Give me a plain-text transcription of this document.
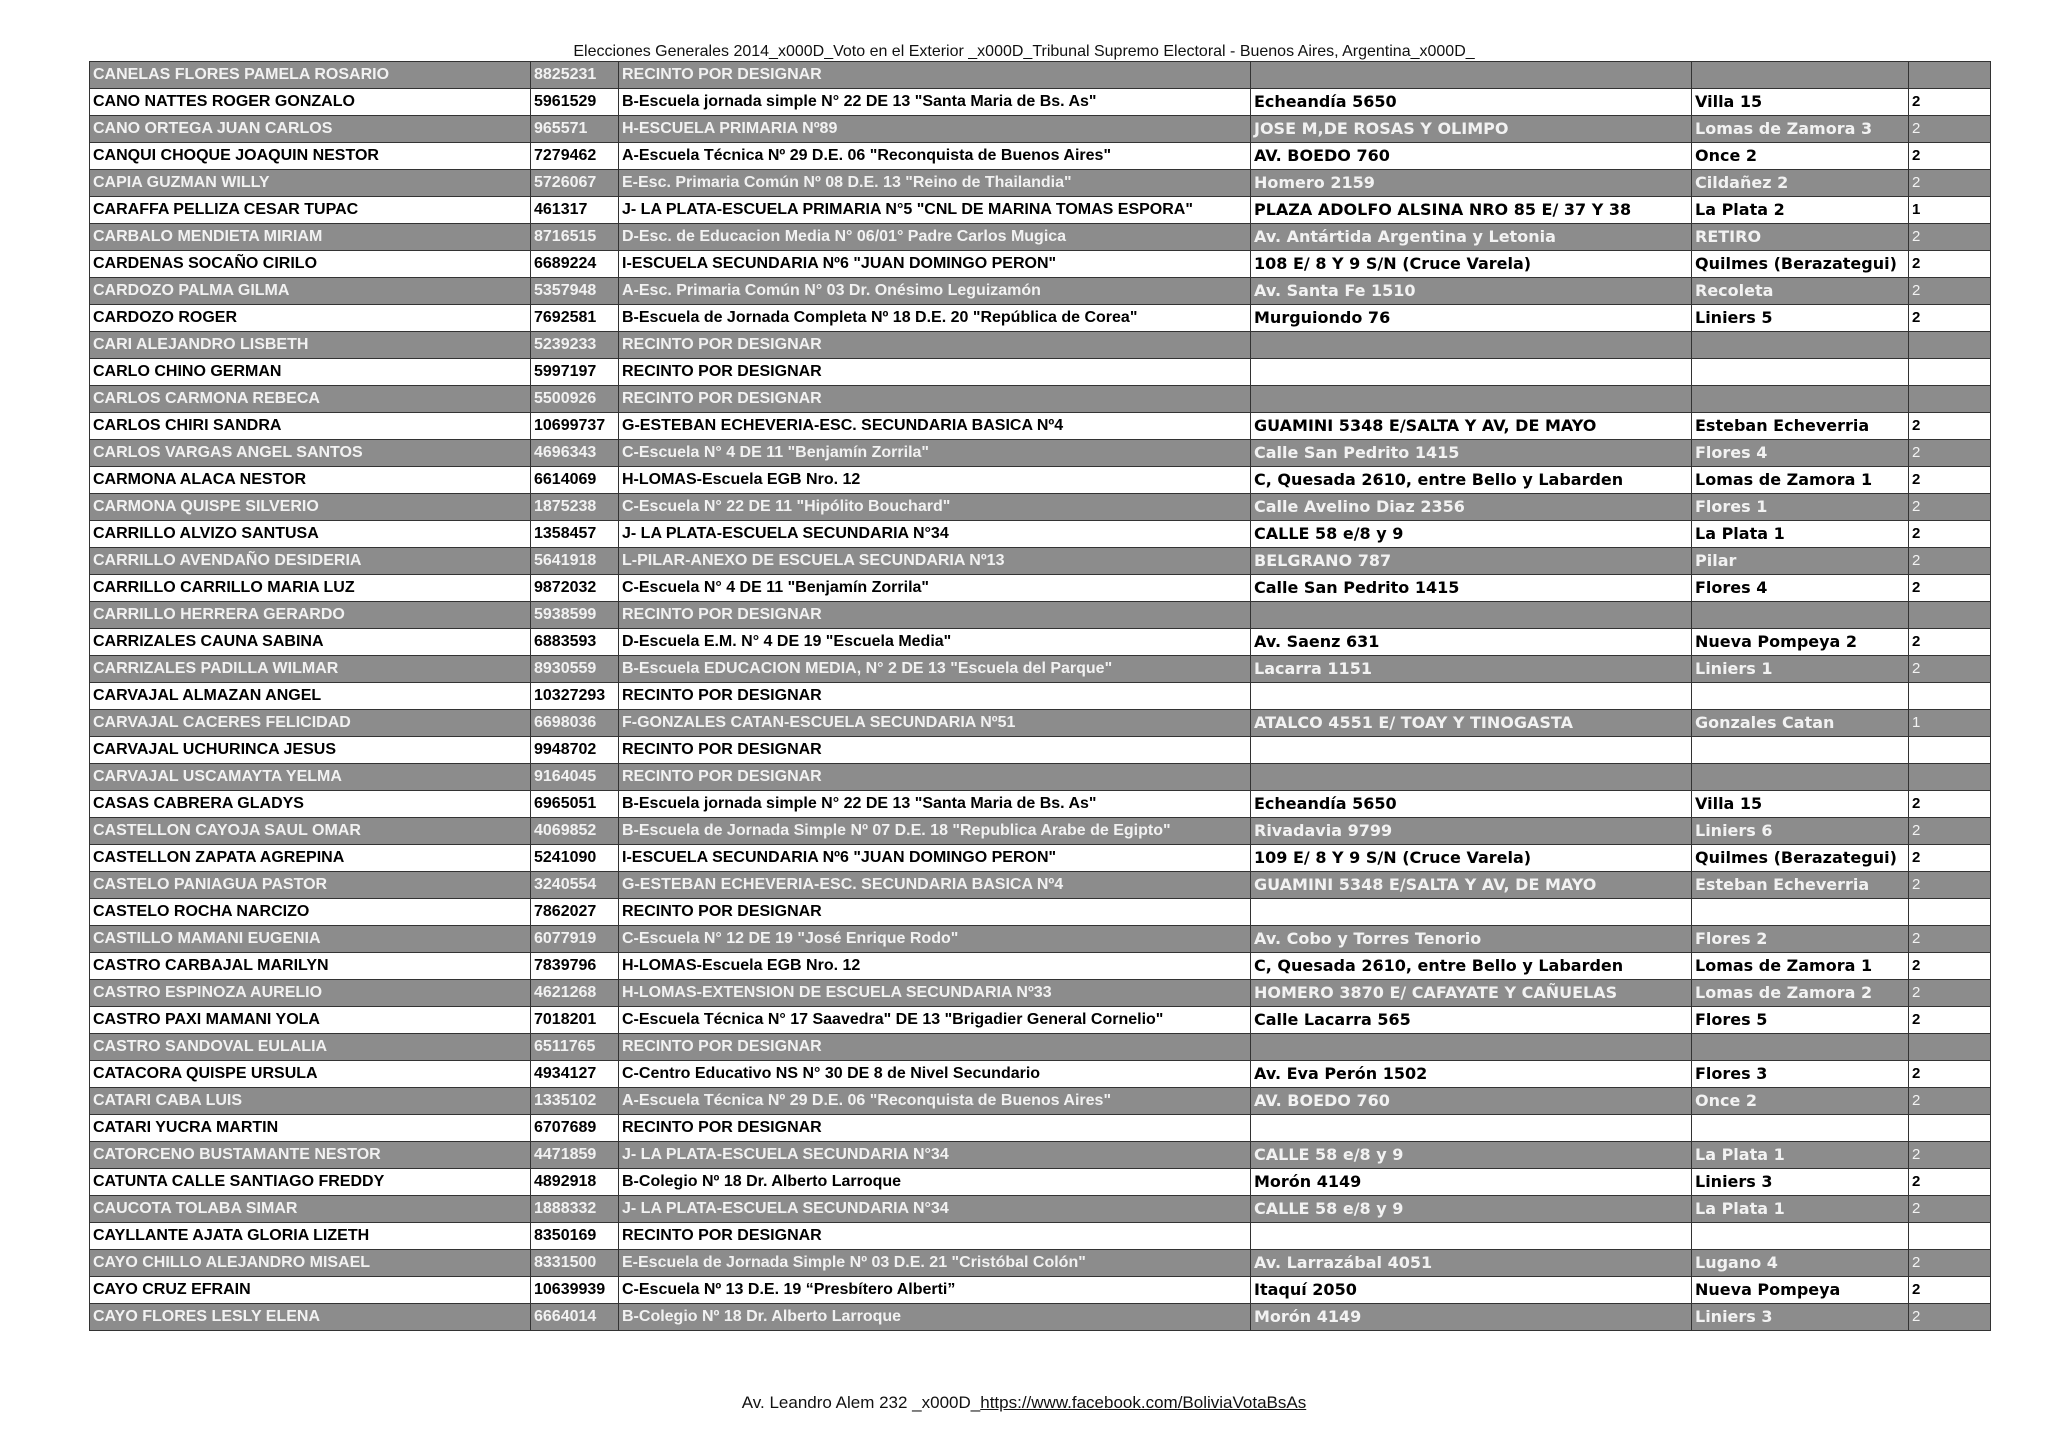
Elecciones Generales 2014_x000D_Voto en el Exterior _x000D_Tribunal Supremo Electoral - Buenos Aires, Argentina_x000D_
CANELAS FLORES PAMELA ROSARIO	8825231	RECINTO POR DESIGNAR			
CANO NATTES ROGER GONZALO	5961529	B-Escuela jornada simple N° 22 DE 13 "Santa Maria de Bs. As"	Echeandía 5650	Villa 15	2
CANO ORTEGA JUAN CARLOS	965571	H-ESCUELA PRIMARIA Nº89	JOSE M,DE ROSAS Y OLIMPO	Lomas de Zamora 3	2
CANQUI CHOQUE JOAQUIN NESTOR	7279462	A-Escuela Técnica Nº 29 D.E. 06 "Reconquista de Buenos Aires"	AV. BOEDO 760	Once 2	2
CAPIA GUZMAN WILLY	5726067	E-Esc. Primaria Común Nº 08 D.E. 13 "Reino de Thailandia"	Homero 2159	Cildañez 2	2
CARAFFA PELLIZA CESAR TUPAC	461317	J- LA PLATA-ESCUELA PRIMARIA N°5 "CNL DE MARINA TOMAS ESPORA"	PLAZA ADOLFO ALSINA NRO 85 E/ 37 Y 38	La Plata 2	1
CARBALO MENDIETA MIRIAM	8716515	D-Esc. de Educacion Media N° 06/01° Padre Carlos Mugica	Av. Antártida Argentina y Letonia	RETIRO	2
CARDENAS SOCAÑO CIRILO	6689224	I-ESCUELA SECUNDARIA Nº6 "JUAN DOMINGO PERON"	108 E/ 8 Y 9 S/N (Cruce Varela)	Quilmes (Berazategui)	2
CARDOZO PALMA GILMA	5357948	A-Esc. Primaria Común N° 03 Dr. Onésimo Leguizamón	Av. Santa Fe 1510	Recoleta	2
CARDOZO ROGER	7692581	B-Escuela de Jornada Completa Nº 18 D.E. 20 "República de Corea"	Murguiondo 76	Liniers 5	2
CARI ALEJANDRO LISBETH	5239233	RECINTO POR DESIGNAR			
CARLO CHINO GERMAN	5997197	RECINTO POR DESIGNAR			
CARLOS CARMONA REBECA	5500926	RECINTO POR DESIGNAR			
CARLOS CHIRI SANDRA	10699737	G-ESTEBAN ECHEVERIA-ESC. SECUNDARIA BASICA Nº4	GUAMINI 5348 E/SALTA Y AV, DE MAYO	Esteban Echeverria	2
CARLOS VARGAS ANGEL SANTOS	4696343	C-Escuela N° 4 DE 11 "Benjamín Zorrila"	Calle San Pedrito 1415	Flores 4	2
CARMONA ALACA NESTOR	6614069	H-LOMAS-Escuela EGB Nro. 12	C, Quesada 2610, entre Bello y Labarden	Lomas de Zamora 1	2
CARMONA QUISPE SILVERIO	1875238	C-Escuela N° 22 DE 11 "Hipólito Bouchard"	Calle Avelino Diaz 2356	Flores 1	2
CARRILLO ALVIZO SANTUSA	1358457	J- LA PLATA-ESCUELA SECUNDARIA N°34	CALLE 58 e/8 y 9	La Plata 1	2
CARRILLO AVENDAÑO DESIDERIA	5641918	L-PILAR-ANEXO DE ESCUELA SECUNDARIA Nº13	BELGRANO 787	Pilar	2
CARRILLO CARRILLO MARIA LUZ	9872032	C-Escuela N° 4 DE 11 "Benjamín Zorrila"	Calle San Pedrito 1415	Flores 4	2
CARRILLO HERRERA GERARDO	5938599	RECINTO POR DESIGNAR			
CARRIZALES CAUNA SABINA	6883593	D-Escuela E.M. N° 4 DE 19 "Escuela Media"	Av. Saenz 631	Nueva Pompeya 2	2
CARRIZALES PADILLA WILMAR	8930559	B-Escuela EDUCACION MEDIA, N° 2 DE 13 "Escuela del Parque"	Lacarra 1151	Liniers 1	2
CARVAJAL ALMAZAN ANGEL	10327293	RECINTO POR DESIGNAR			
CARVAJAL CACERES FELICIDAD	6698036	F-GONZALES CATAN-ESCUELA SECUNDARIA Nº51	ATALCO 4551 E/ TOAY Y TINOGASTA	Gonzales Catan	1
CARVAJAL UCHURINCA JESUS	9948702	RECINTO POR DESIGNAR			
CARVAJAL USCAMAYTA YELMA	9164045	RECINTO POR DESIGNAR			
CASAS CABRERA GLADYS	6965051	B-Escuela jornada simple N° 22 DE 13 "Santa Maria de Bs. As"	Echeandía 5650	Villa 15	2
CASTELLON CAYOJA SAUL OMAR	4069852	B-Escuela de Jornada Simple Nº 07 D.E. 18 "Republica Arabe de Egipto"	Rivadavia 9799	Liniers 6	2
CASTELLON ZAPATA AGREPINA	5241090	I-ESCUELA SECUNDARIA Nº6 "JUAN DOMINGO PERON"	109 E/ 8 Y 9 S/N (Cruce Varela)	Quilmes (Berazategui)	2
CASTELO PANIAGUA PASTOR	3240554	G-ESTEBAN ECHEVERIA-ESC. SECUNDARIA BASICA Nº4	GUAMINI 5348 E/SALTA Y AV, DE MAYO	Esteban Echeverria	2
CASTELO ROCHA NARCIZO	7862027	RECINTO POR DESIGNAR			
CASTILLO MAMANI EUGENIA	6077919	C-Escuela N° 12 DE 19 "José Enrique Rodo"	Av. Cobo y Torres Tenorio	Flores 2	2
CASTRO CARBAJAL MARILYN	7839796	H-LOMAS-Escuela EGB Nro. 12	C, Quesada 2610, entre Bello y Labarden	Lomas de Zamora 1	2
CASTRO ESPINOZA AURELIO	4621268	H-LOMAS-EXTENSION DE ESCUELA SECUNDARIA Nº33	HOMERO 3870 E/ CAFAYATE Y CAÑUELAS	Lomas de Zamora 2	2
CASTRO PAXI MAMANI YOLA	7018201	C-Escuela Técnica N° 17 Saavedra" DE 13 "Brigadier General Cornelio"	Calle Lacarra 565	Flores 5	2
CASTRO SANDOVAL EULALIA	6511765	RECINTO POR DESIGNAR			
CATACORA QUISPE URSULA	4934127	C-Centro Educativo NS N° 30 DE 8 de Nivel Secundario	Av. Eva Perón 1502	Flores 3	2
CATARI CABA LUIS	1335102	A-Escuela Técnica Nº 29 D.E. 06 "Reconquista de Buenos Aires"	AV. BOEDO 760	Once 2	2
CATARI YUCRA MARTIN	6707689	RECINTO POR DESIGNAR			
CATORCENO BUSTAMANTE NESTOR	4471859	J- LA PLATA-ESCUELA SECUNDARIA N°34	CALLE 58 e/8 y 9	La Plata 1	2
CATUNTA CALLE SANTIAGO FREDDY	4892918	B-Colegio Nº 18 Dr. Alberto Larroque	Morón 4149	Liniers 3	2
CAUCOTA TOLABA SIMAR	1888332	J- LA PLATA-ESCUELA SECUNDARIA N°34	CALLE 58 e/8 y 9	La Plata 1	2
CAYLLANTE AJATA GLORIA LIZETH	8350169	RECINTO POR DESIGNAR			
CAYO CHILLO ALEJANDRO MISAEL	8331500	E-Escuela de Jornada Simple Nº 03 D.E. 21 "Cristóbal Colón"	Av. Larrazábal 4051	Lugano 4	2
CAYO CRUZ EFRAIN	10639939	C-Escuela Nº 13 D.E. 19 “Presbítero Alberti”	Itaquí 2050	Nueva Pompeya	2
CAYO FLORES LESLY ELENA	6664014	B-Colegio Nº 18 Dr. Alberto Larroque	Morón 4149	Liniers 3	2
Av. Leandro Alem 232 _x000D_https://www.facebook.com/BoliviaVotaBsAs
